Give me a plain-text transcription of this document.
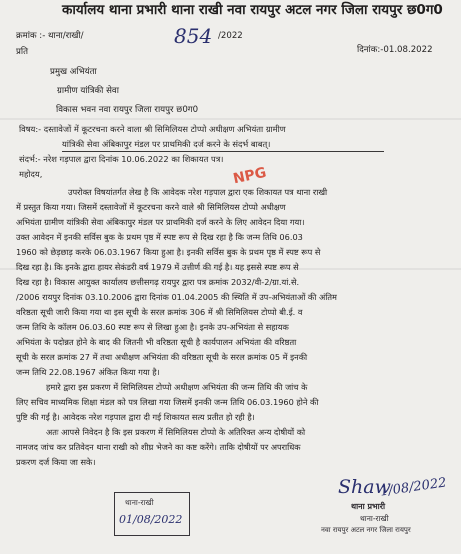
कार्यालय थाना प्रभारी थाना राखी नवा रायपुर अटल नगर जिला रायपुर छ0ग0
क्रमांक :- थाना/राखी/	854 /2022
दिनांक:-01.08.2022
प्रति
प्रमुख अभियंता
ग्रामीण यांत्रिकी सेवा
विकास भवन नवा रायपुर जिला रायपुर छ0ग0
विषय:- दस्तावेजों में कूटरचना करने वाला श्री सिमिलियस टोप्पो अधीक्षण अभियंता ग्रामीण
यांत्रिकी सेवा अंबिकापुर मंडल पर प्राथमिकी दर्ज करने के संदर्भ बाबत्।
संदर्भ:- नरेश गड़पाल द्वारा दिनांक 10.06.2022 का शिकायत पत्र।
महोदय,	NPG
उपरोक्त विषयांतर्गत लेख है कि आवेदक नरेश गड़पाल द्वारा एक शिकायत पत्र थाना राखी
में प्रस्तुत किया गया। जिसमें दस्तावेजों में कूटरचना करने वाले श्री सिमिलियस टोप्पो अधीक्षण
अभियंता ग्रामीण यांत्रिकी सेवा अंबिकापुर मंडल पर प्राथमिकी दर्ज करने के लिए आवेदन दिया गया।
उक्त आवेदन में इनकी सर्विस बुक के प्रथम पृष्ठ में स्पष्ट रूप से दिख रहा है कि जन्म तिथि 06.03
1960 को छेड़छाड़ करके 06.03.1967 किया हुआ है। इनकी सर्विस बुक के प्रथम पृष्ठ में स्पष्ट रूप से
दिख रहा है। कि इनके द्वारा हायर सेकंडरी वर्ष 1979 में उत्तीर्ण की गई है। यह इससे स्पष्ट रूप से
दिख रहा है। विकास आयुक्त कार्यालय छत्तीसगढ़ रायपुर द्वारा पत्र क्रमांक 2032/वी-2/ग्रा.यां.से.
/2006 रायपुर दिनांक 03.10.2006 द्वारा दिनांक 01.04.2005 की स्थिति में उप-अभियंताओं की अंतिम
वरिष्ठता सूची जारी किया गया था इस सूची के सरल क्रमांक 306 में श्री सिमिलियस टोप्पो बी.ई. व
जन्म तिथि के कॉलम 06.03.60 स्पष्ट रूप से लिखा हुआ है। इनके उप-अभियंता से सहायक
अभियंता के पदोन्नत होने के बाद की जितनी भी वरिष्ठता सूची है कार्यपालन अभियंता की वरिष्ठता
सूची के सरल क्रमांक 27 में तथा अधीक्षण अभियंता की वरिष्ठता सूची के सरल क्रमांक 05 में इनकी
जन्म तिथि 22.08.1967 अंकित किया गया है।
हमारे द्वारा इस प्रकरण में सिमिलियस टोप्पो अधीक्षण अभियंता की जन्म तिथि की जांच के
लिए सचिव माध्यमिक शिक्षा मंडल को पत्र लिखा गया जिसमें इनकी जन्म तिथि 06.03.1960 होने की
पुष्टि की गई है। आवेदक नरेश गड़पाल द्वारा दी गई शिकायत सत्य प्रतीत हो रही है।
अतः आपसे निवेदन है कि इस प्रकरण में सिमिलियस टोप्पो के अतिरिक्त अन्य दोषीयों को
नामजद जांच कर प्रतिवेदन थाना राखी को शीघ्र भेजने का कष्ट करेंगे। ताकि दोषीयों पर अपराधिक
प्रकरण दर्ज किया जा सके।
Shaw
1/08/2022
थाना प्रभारी
थाना-राखी
नवा रायपुर अटल नगर जिला रायपुर
थाना-राखी
01/08/2022
